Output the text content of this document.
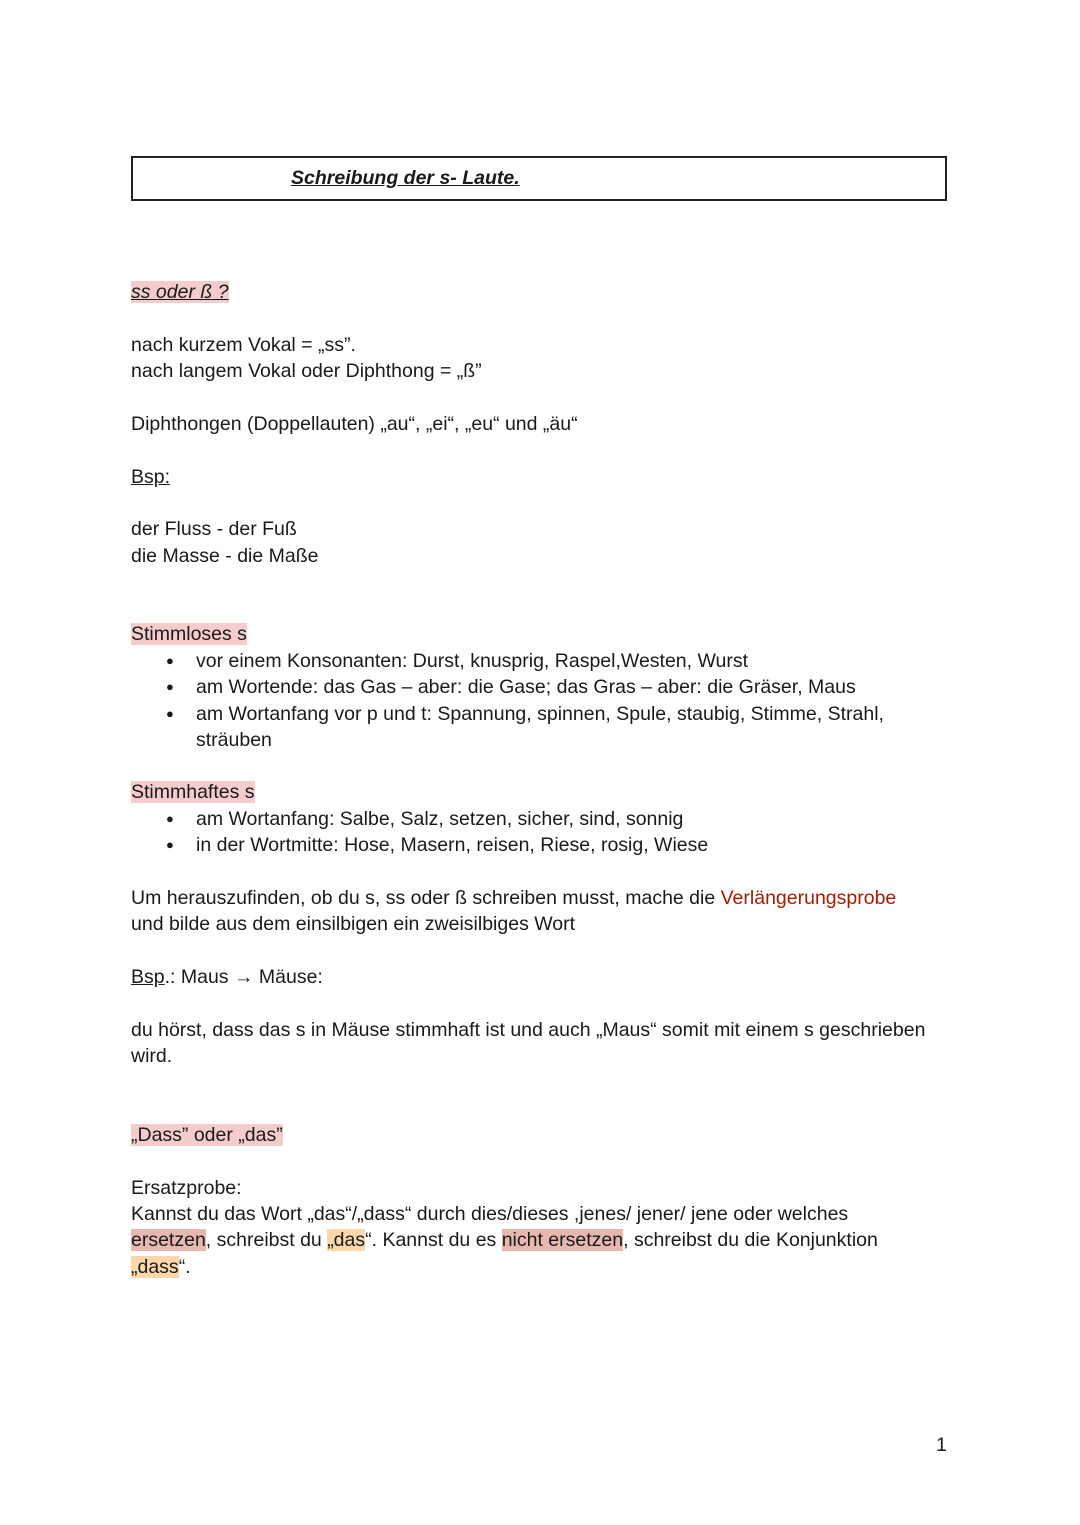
Schreibung der s- Laute.
ss oder ß ?
nach kurzem Vokal = „ss”.
nach langem Vokal oder Diphthong = „ß”
Diphthongen (Doppellauten) „au“, „ei“, „eu“ und „äu“
Bsp:
der Fluss - der Fuß
die Masse - die Maße
Stimmloses s
● vor einem Konsonanten: Durst, knusprig, Raspel,Westen, Wurst
● am Wortende: das Gas – aber: die Gase; das Gras – aber: die Gräser, Maus
● am Wortanfang vor p und t: Spannung, spinnen, Spule, staubig, Stimme, Strahl, sträuben
Stimmhaftes s
● am Wortanfang: Salbe, Salz, setzen, sicher, sind, sonnig
● in der Wortmitte: Hose, Masern, reisen, Riese, rosig, Wiese
Um herauszufinden, ob du s, ss oder ß schreiben musst, mache die Verlängerungsprobe
und bilde aus dem einsilbigen ein zweisilbiges Wort
Bsp.: Maus → Mäuse:
du hörst, dass das s in Mäuse stimmhaft ist und auch „Maus“ somit mit einem s geschrieben
wird.
„Dass” oder „das”
Ersatzprobe:
Kannst du das Wort „das“/„dass“ durch dies/dieses ,jenes/ jener/ jene oder welches
ersetzen, schreibst du „das“. Kannst du es nicht ersetzen, schreibst du die Konjunktion
„dass“.
1
